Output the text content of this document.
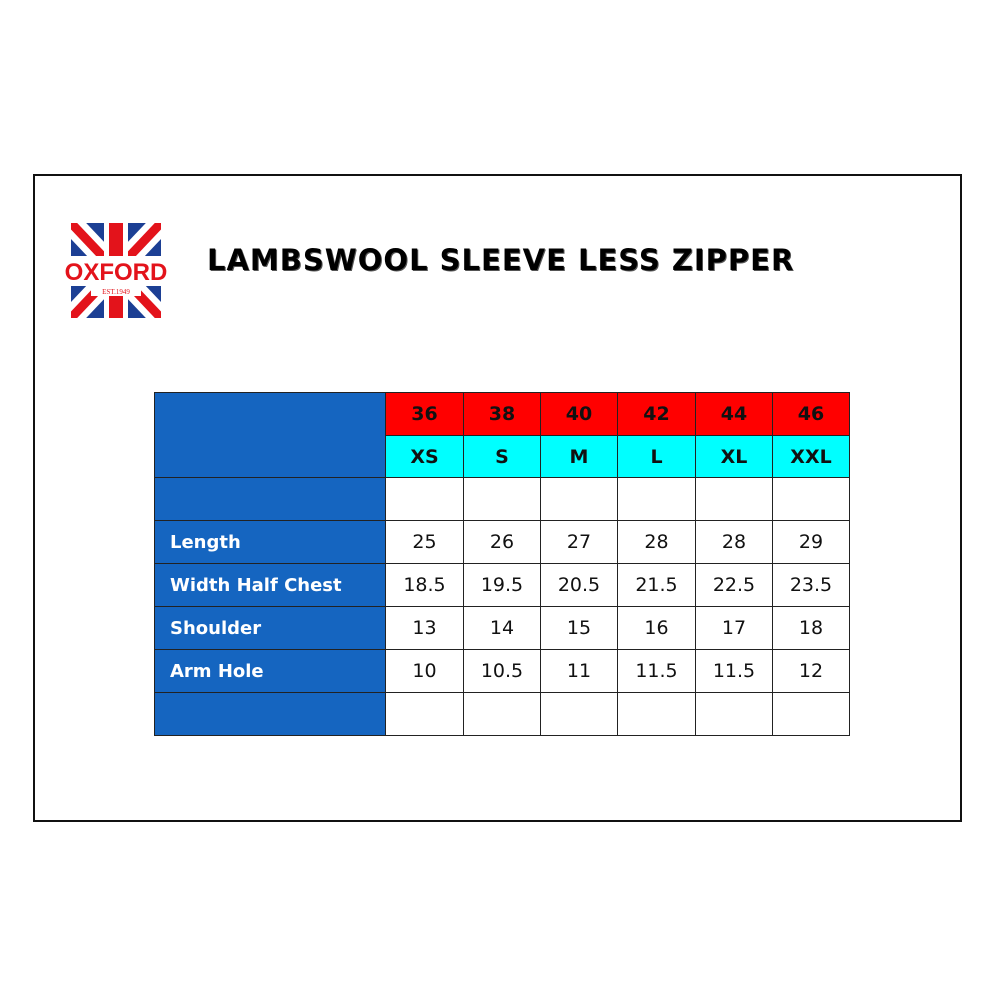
OXFORD
EST.1949
LAMBSWOOL SLEEVE LESS ZIPPER
	36	38	40	42	44	46
	XS	S	M	L	XL	XXL

Length	25	26	27	28	28	29
Width Half Chest	18.5	19.5	20.5	21.5	22.5	23.5
Shoulder	13	14	15	16	17	18
Arm Hole	10	10.5	11	11.5	11.5	12
